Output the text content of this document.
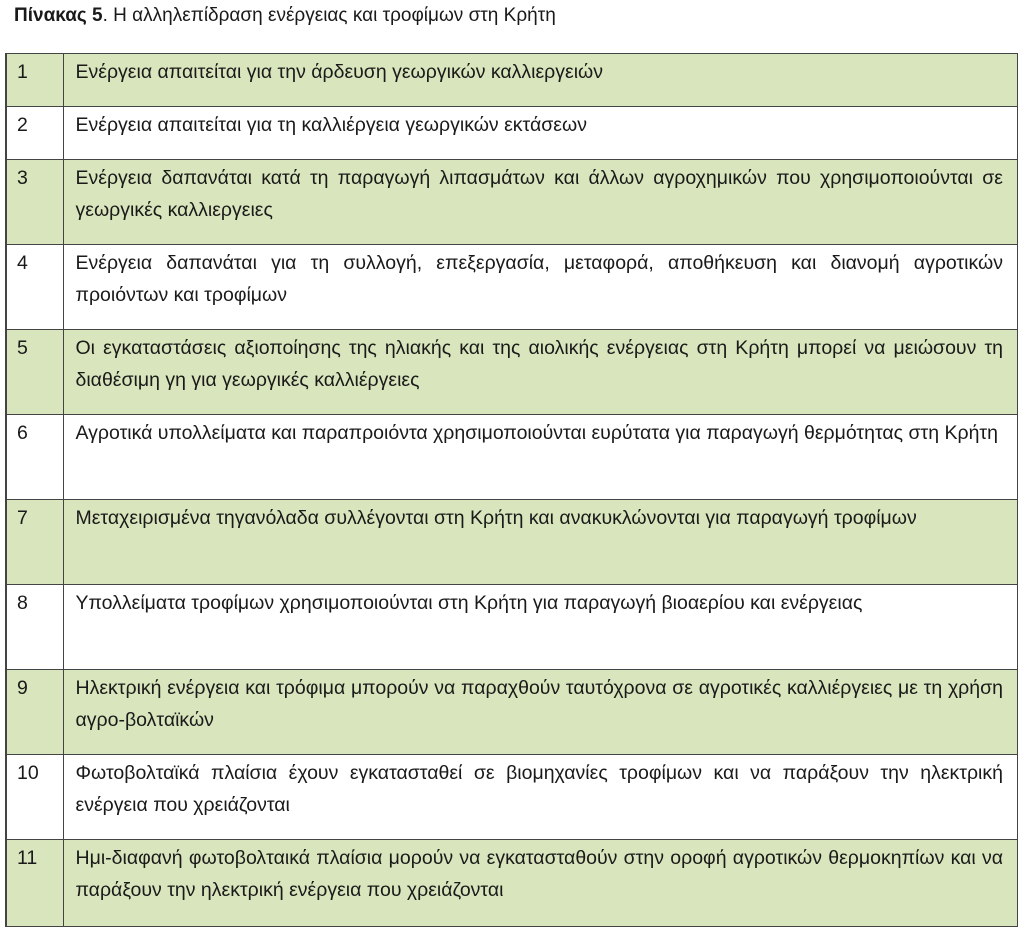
Πίνακας 5. Η αλληλεπίδραση ενέργειας και τροφίμων στη Κρήτη
1	Ενέργεια απαιτείται για την άρδευση γεωργικών καλλιεργειών
2	Ενέργεια απαιτείται για τη καλλιέργεια γεωργικών εκτάσεων
3	Ενέργεια δαπανάται κατά τη παραγωγή λιπασμάτων και άλλων αγροχημικών που χρησιμοποιούνται σε γεωργικές καλλιεργειες
4	Ενέργεια δαπανάται για τη συλλογή, επεξεργασία, μεταφορά, αποθήκευση και διανομή αγροτικών προιόντων και τροφίμων
5	Οι εγκαταστάσεις αξιοποίησης της ηλιακής και της αιολικής ενέργειας στη Κρήτη μπορεί να μειώσουν τη διαθέσιμη γη για γεωργικές καλλιέργειες
6	Αγροτικά υπολλείματα και παραπροιόντα χρησιμοποιούνται ευρύτατα για παραγωγή θερμότητας στη Κρήτη
7	Μεταχειρισμένα τηγανόλαδα συλλέγονται στη Κρήτη και ανακυκλώνονται για παραγωγή τροφίμων
8	Υπολλείματα τροφίμων χρησιμοποιούνται στη Κρήτη για παραγωγή βιοαερίου και ενέργειας
9	Ηλεκτρική ενέργεια και τρόφιμα μπορούν να παραχθούν ταυτόχρονα σε αγροτικές καλλιέργειες με τη χρήση αγρο-βολταϊκών
10	Φωτοβολταϊκά πλαίσια έχουν εγκατασταθεί σε βιομηχανίες τροφίμων και να παράξουν την ηλεκτρική ενέργεια που χρειάζονται
11	Ημι-διαφανή φωτοβολταικά πλαίσια μορούν να εγκατασταθούν στην οροφή αγροτικών θερμοκηπίων και να παράξουν την ηλεκτρική ενέργεια που χρειάζονται
